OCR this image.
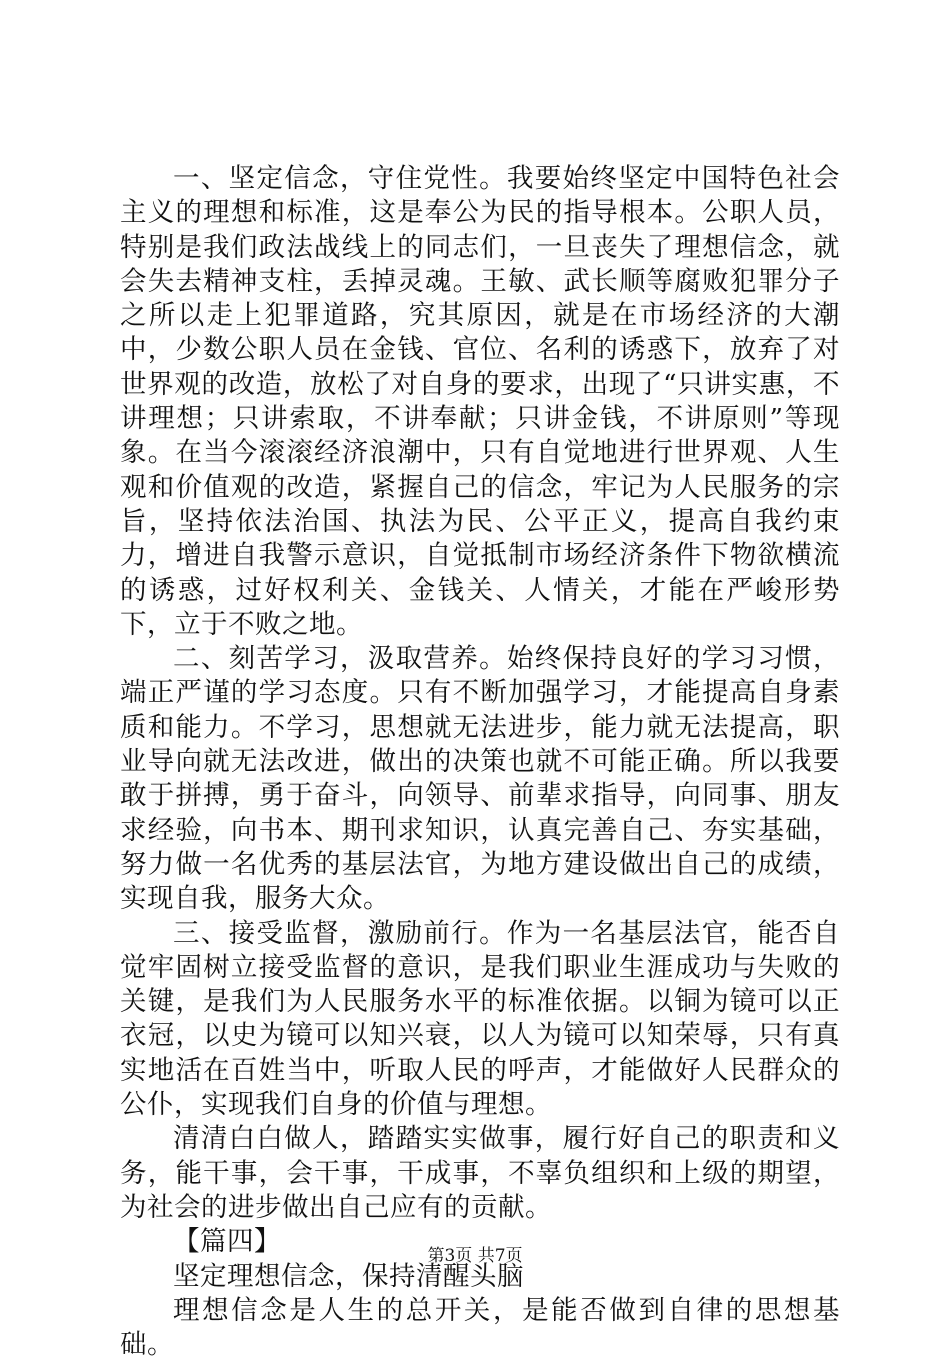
一、坚定信念，守住党性。我要始终坚定中国特色社会主义的理想和标准，这是奉公为民的指导根本。公职人员，特别是我们政法战线上的同志们，一旦丧失了理想信念，就会失去精神支柱，丢掉灵魂。王敏、武长顺等腐败犯罪分子之所以走上犯罪道路，究其原因，就是在市场经济的大潮中，少数公职人员在金钱、官位、名利的诱惑下，放弃了对世界观的改造，放松了对自身的要求，出现了“只讲实惠，不讲理想；只讲索取，不讲奉献；只讲金钱，不讲原则”等现象。在当今滚滚经济浪潮中，只有自觉地进行世界观、人生观和价值观的改造，紧握自己的信念，牢记为人民服务的宗旨，坚持依法治国、执法为民、公平正义，提高自我约束力，增进自我警示意识，自觉抵制市场经济条件下物欲横流的诱惑，过好权利关、金钱关、人情关，才能在严峻形势下，立于不败之地。

二、刻苦学习，汲取营养。始终保持良好的学习习惯，端正严谨的学习态度。只有不断加强学习，才能提高自身素质和能力。不学习，思想就无法进步，能力就无法提高，职业导向就无法改进，做出的决策也就不可能正确。所以我要敢于拼搏，勇于奋斗，向领导、前辈求指导，向同事、朋友求经验，向书本、期刊求知识，认真完善自己、夯实基础，努力做一名优秀的基层法官，为地方建设做出自己的成绩，实现自我，服务大众。

三、接受监督，激励前行。作为一名基层法官，能否自觉牢固树立接受监督的意识，是我们职业生涯成功与失败的关键，是我们为人民服务水平的标准依据。以铜为镜可以正衣冠，以史为镜可以知兴衰，以人为镜可以知荣辱，只有真实地活在百姓当中，听取人民的呼声，才能做好人民群众的公仆，实现我们自身的价值与理想。

清清白白做人，踏踏实实做事，履行好自己的职责和义务，能干事，会干事，干成事，不辜负组织和上级的期望，为社会的进步做出自己应有的贡献。

【篇四】

坚定理想信念，保持清醒头脑

理想信念是人生的总开关，是能否做到自律的思想基础。

第3页 共7页
